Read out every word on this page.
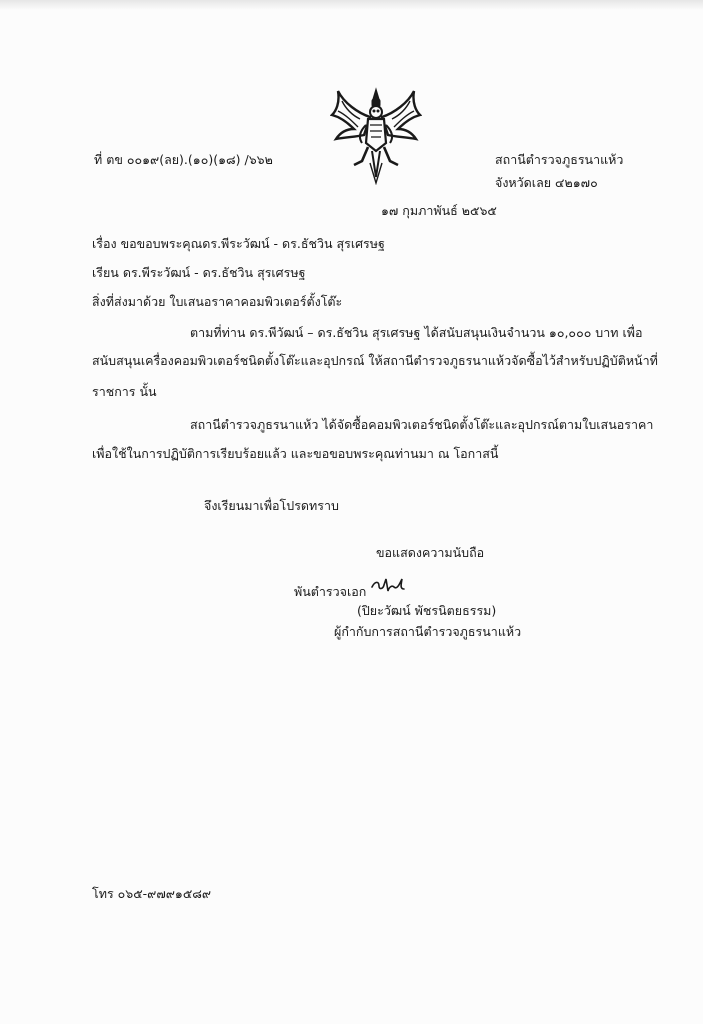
ที่ ตข ๐๐๑๙(ลย).(๑๐)(๑๘) /๖๖๒	สถานีตำรวจภูธรนาแห้ว
จังหวัดเลย ๔๒๑๗๐
๑๗ กุมภาพันธ์ ๒๕๖๕
เรื่อง ขอขอบพระคุณดร.พีระวัฒน์ - ดร.ธัชวิน สุรเศรษฐ
เรียน ดร.พีระวัฒน์ - ดร.ธัชวิน สุรเศรษฐ
สิ่งที่ส่งมาด้วย ใบเสนอราคาคอมพิวเตอร์ตั้งโต๊ะ
ตามที่ท่าน ดร.พีวัฒน์ – ดร.ธัชวิน สุรเศรษฐ ได้สนับสนุนเงินจำนวน ๑๐,๐๐๐ บาท เพื่อ
สนับสนุนเครื่องคอมพิวเตอร์ชนิดตั้งโต๊ะและอุปกรณ์ ให้สถานีตำรวจภูธรนาแห้วจัดซื้อไว้สำหรับปฏิบัติหน้าที่
ราชการ นั้น
สถานีตำรวจภูธรนาแห้ว ได้จัดซื้อคอมพิวเตอร์ชนิดตั้งโต๊ะและอุปกรณ์ตามใบเสนอราคา
เพื่อใช้ในการปฏิบัติการเรียบร้อยแล้ว และขอขอบพระคุณท่านมา ณ โอกาสนี้
จึงเรียนมาเพื่อโปรดทราบ
ขอแสดงความนับถือ
พันตำรวจเอก
(ปิยะวัฒน์ พัชรนิตยธรรม)
ผู้กำกับการสถานีตำรวจภูธรนาแห้ว
โทร ๐๖๕-๙๗๙๑๕๘๙
